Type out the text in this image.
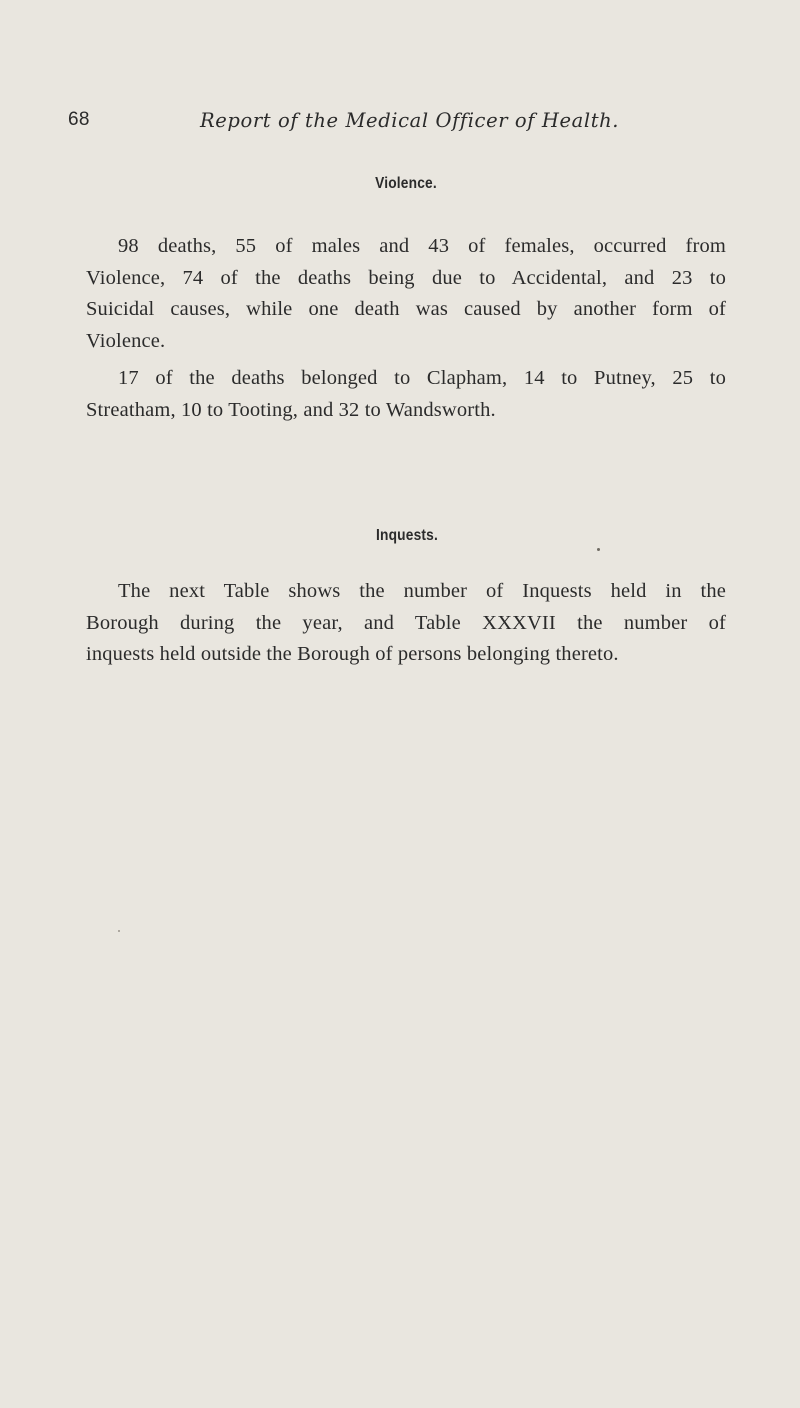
68	Report of the Medical Officer of Health.
Violence.
98 deaths, 55 of males and 43 of females, occurred from
Violence, 74 of the deaths being due to Accidental, and 23 to
Suicidal causes, while one death was caused by another form of
Violence.
17 of the deaths belonged to Clapham, 14 to Putney, 25 to
Streatham, 10 to Tooting, and 32 to Wandsworth.
Inquests.
The next Table shows the number of Inquests held in the
Borough during the year, and Table XXXVII the number of
inquests held outside the Borough of persons belonging thereto.
